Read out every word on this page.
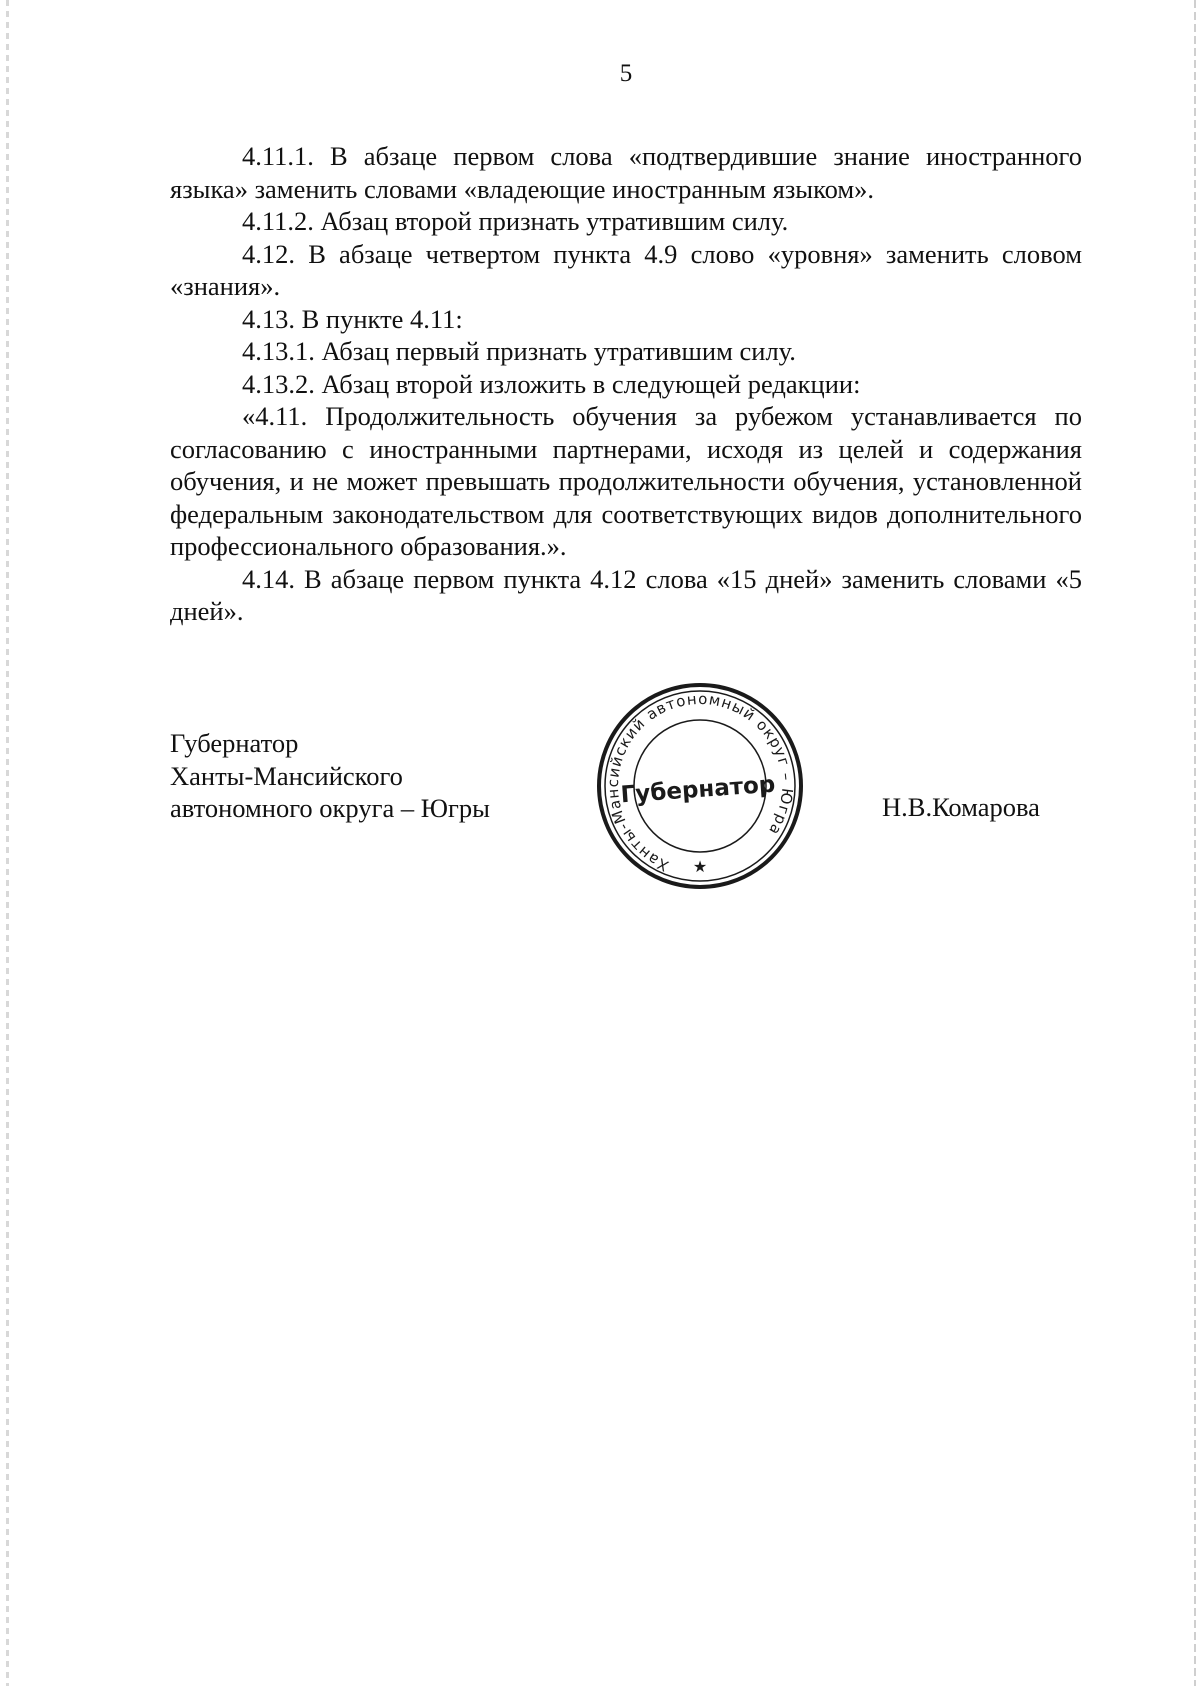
5

4.11.1. В абзаце первом слова «подтвердившие знание иностранного языка» заменить словами «владеющие иностранным языком».

4.11.2. Абзац второй признать утратившим силу.

4.12. В абзаце четвертом пункта 4.9 слово «уровня» заменить словом «знания».

4.13. В пункте 4.11:

4.13.1. Абзац первый признать утратившим силу.

4.13.2. Абзац второй изложить в следующей редакции:

«4.11. Продолжительность обучения за рубежом устанавливается по согласованию с иностранными партнерами, исходя из целей и содержания обучения, и не может превышать продолжительности обучения, установленной федеральным законодательством для соответствующих видов дополнительного профессионального образования.».

4.14. В абзаце первом пункта 4.12 слова «15 дней» заменить словами «5 дней».

Губернатор
Ханты-Мансийского
автономного округа – Югры
Ханты-Мансийский автономный округ – Югра
Губернатор
★
Н.В.Комарова
